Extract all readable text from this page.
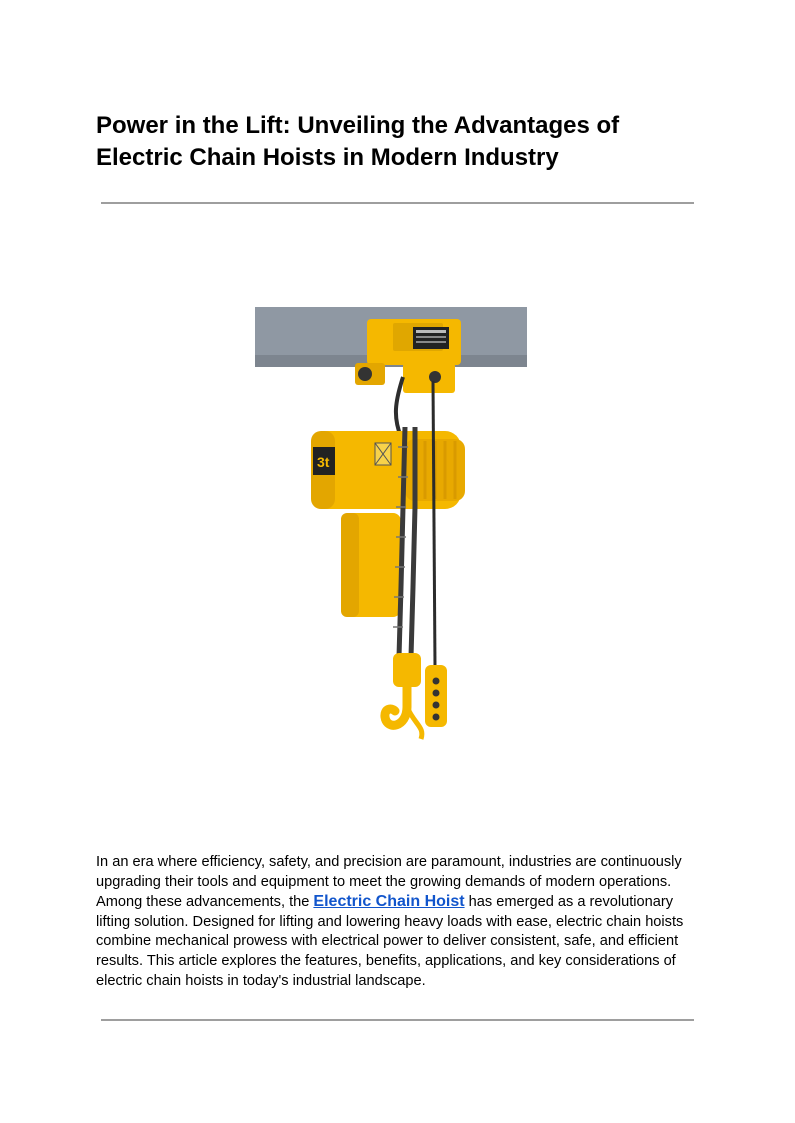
Power in the Lift: Unveiling the Advantages of
Electric Chain Hoists in Modern Industry
3t

In an era where efficiency, safety, and precision are paramount, industries are continuously
upgrading their tools and equipment to meet the growing demands of modern operations.
Among these advancements, the Electric Chain Hoist has emerged as a revolutionary
lifting solution. Designed for lifting and lowering heavy loads with ease, electric chain hoists
combine mechanical prowess with electrical power to deliver consistent, safe, and efficient
results. This article explores the features, benefits, applications, and key considerations of
electric chain hoists in today's industrial landscape.
